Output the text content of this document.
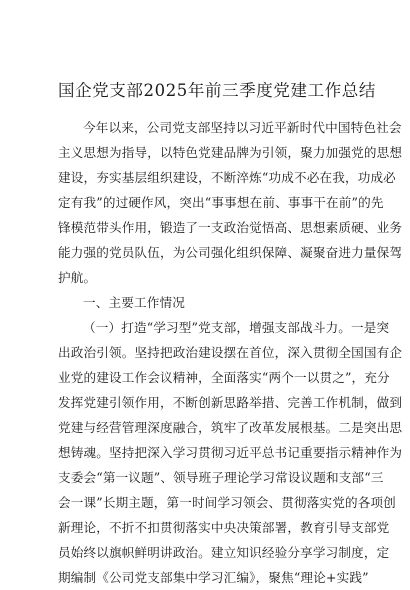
国企党支部2025年前三季度党建工作总结
今年以来，公司党支部坚持以习近平新时代中国特色社会
主义思想为指导，以特色党建品牌为引领，聚力加强党的思想
建设，夯实基层组织建设，不断淬炼“功成不必在我，功成必
定有我”的过硬作风，突出“事事想在前、事事干在前”的先
锋模范带头作用，锻造了一支政治觉悟高、思想素质硬、业务
能力强的党员队伍，为公司强化组织保障、凝聚奋进力量保驾
护航。
一、主要工作情况
（一）打造“学习型”党支部，增强支部战斗力。一是突
出政治引领。坚持把政治建设摆在首位，深入贯彻全国国有企
业党的建设工作会议精神，全面落实“两个一以贯之”，充分
发挥党建引领作用，不断创新思路举措、完善工作机制，做到
党建与经营管理深度融合，筑牢了改革发展根基。二是突出思
想铸魂。坚持把深入学习贯彻习近平总书记重要指示精神作为
支委会“第一议题”、领导班子理论学习常设议题和支部“三
会一课”长期主题，第一时间学习领会、贯彻落实党的各项创
新理论，不折不扣贯彻落实中央决策部署，教育引导支部党
员始终以旗帜鲜明讲政治。建立知识经验分享学习制度，定
期编制《公司党支部集中学习汇编》，聚焦“理论+实践”
